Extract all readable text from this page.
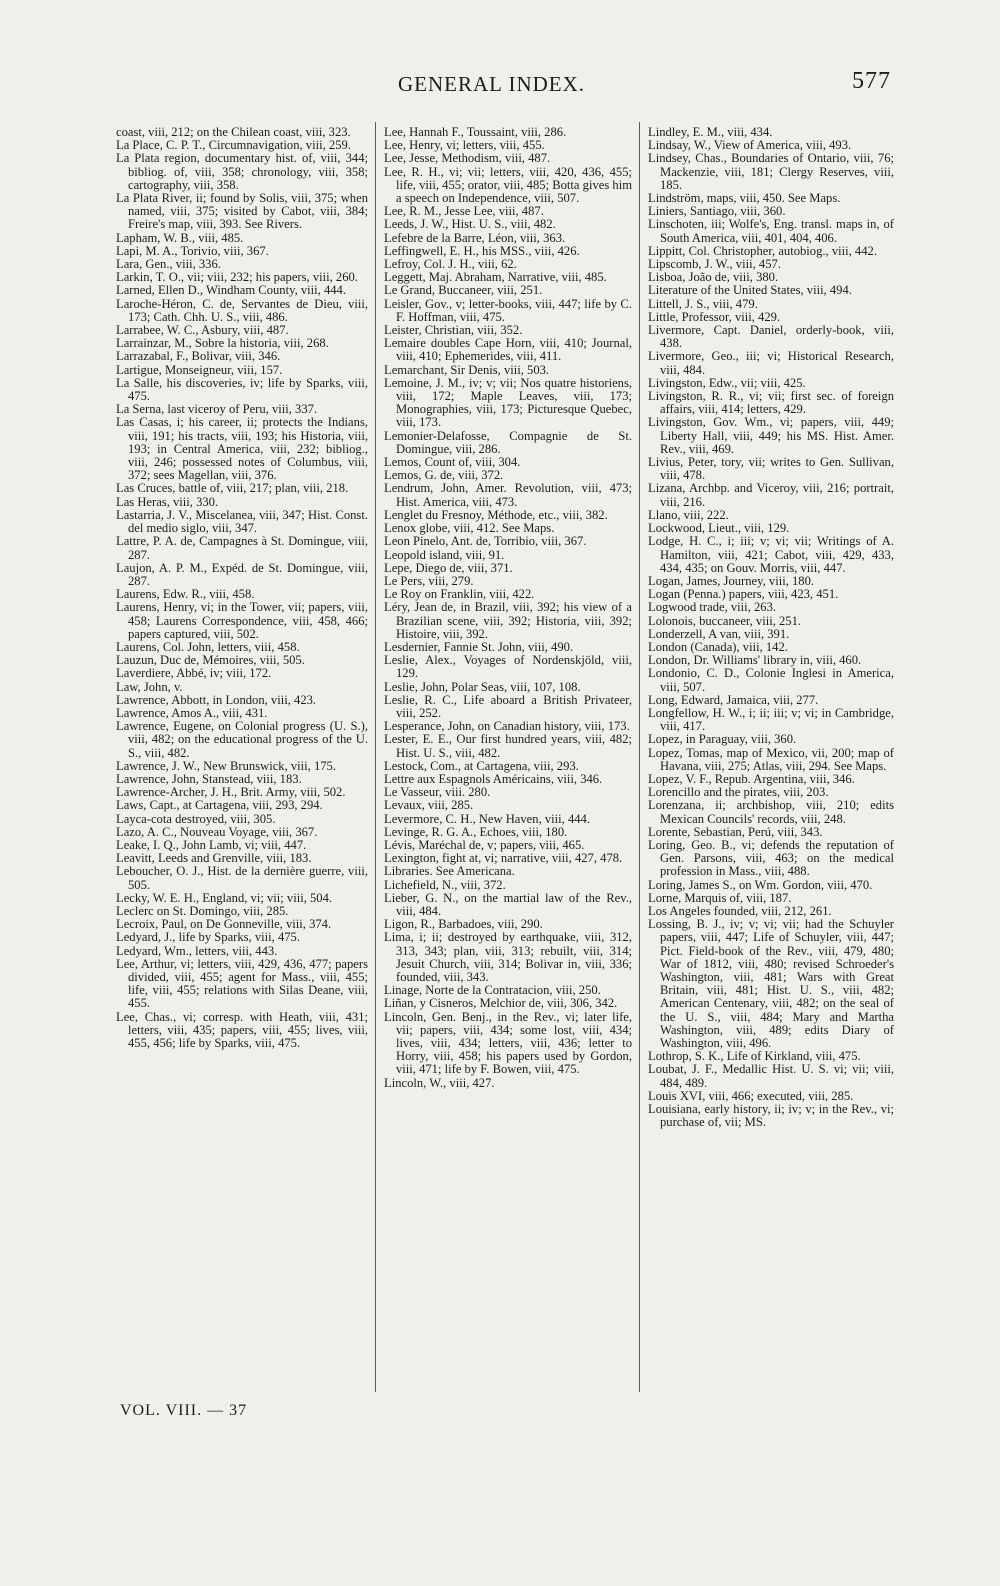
GENERAL INDEX.	577

coast, viii, 212; on the Chilean coast, viii, 323.

La Place, C. P. T., Circumnavigation, viii, 259.

La Plata region, documentary hist. of, viii, 344; bibliog. of, viii, 358; chronology, viii, 358; cartography, viii, 358.

La Plata River, ii; found by Solis, viii, 375; when named, viii, 375; visited by Cabot, viii, 384; Freire's map, viii, 393. See Rivers.

Lapham, W. B., viii, 485.

Lapi, M. A., Torivio, viii, 367.

Lara, Gen., viii, 336.

Larkin, T. O., vii; viii, 232; his papers, viii, 260.

Larned, Ellen D., Windham County, viii, 444.

Laroche-Héron, C. de, Servantes de Dieu, viii, 173; Cath. Chh. U. S., viii, 486.

Larrabee, W. C., Asbury, viii, 487.

Larrainzar, M., Sobre la historia, viii, 268.

Larrazabal, F., Bolivar, viii, 346.

Lartigue, Monseigneur, viii, 157.

La Salle, his discoveries, iv; life by Sparks, viii, 475.

La Serna, last viceroy of Peru, viii, 337.

Las Casas, i; his career, ii; protects the Indians, viii, 191; his tracts, viii, 193; his Historia, viii, 193; in Central America, viii, 232; bibliog., viii, 246; possessed notes of Columbus, viii, 372; sees Magellan, viii, 376.

Las Cruces, battle of, viii, 217; plan, viii, 218.

Las Heras, viii, 330.

Lastarria, J. V., Miscelanea, viii, 347; Hist. Const. del medio siglo, viii, 347.

Lattre, P. A. de, Campagnes à St. Domingue, viii, 287.

Laujon, A. P. M., Expéd. de St. Domingue, viii, 287.

Laurens, Edw. R., viii, 458.

Laurens, Henry, vi; in the Tower, vii; papers, viii, 458; Laurens Correspondence, viii, 458, 466; papers captured, viii, 502.

Laurens, Col. John, letters, viii, 458.

Lauzun, Duc de, Mémoires, viii, 505.

Laverdiere, Abbé, iv; viii, 172.

Law, John, v.

Lawrence, Abbott, in London, viii, 423.

Lawrence, Amos A., viii, 431.

Lawrence, Eugene, on Colonial progress (U. S.), viii, 482; on the educational progress of the U. S., viii, 482.

Lawrence, J. W., New Brunswick, viii, 175.

Lawrence, John, Stanstead, viii, 183.

Lawrence-Archer, J. H., Brit. Army, viii, 502.

Laws, Capt., at Cartagena, viii, 293, 294.

Layca-cota destroyed, viii, 305.

Lazo, A. C., Nouveau Voyage, viii, 367.

Leake, I. Q., John Lamb, vi; viii, 447.

Leavitt, Leeds and Grenville, viii, 183.

Leboucher, O. J., Hist. de la dernière guerre, viii, 505.

Lecky, W. E. H., England, vi; vii; viii, 504.

Leclerc on St. Domingo, viii, 285.

Lecroix, Paul, on De Gonneville, viii, 374.

Ledyard, J., life by Sparks, viii, 475.

Ledyard, Wm., letters, viii, 443.

Lee, Arthur, vi; letters, viii, 429, 436, 477; papers divided, viii, 455; agent for Mass., viii, 455; life, viii, 455; relations with Silas Deane, viii, 455.

Lee, Chas., vi; corresp. with Heath, viii, 431; letters, viii, 435; papers, viii, 455; lives, viii, 455, 456; life by Sparks, viii, 475.

Lee, Hannah F., Toussaint, viii, 286.

Lee, Henry, vi; letters, viii, 455.

Lee, Jesse, Methodism, viii, 487.

Lee, R. H., vi; vii; letters, viii, 420, 436, 455; life, viii, 455; orator, viii, 485; Botta gives him a speech on Independence, viii, 507.

Lee, R. M., Jesse Lee, viii, 487.

Leeds, J. W., Hist. U. S., viii, 482.

Lefebre de la Barre, Léon, viii, 363.

Leffingwell, E. H., his MSS., viii, 426.

Lefroy, Col. J. H., viii, 62.

Leggett, Maj. Abraham, Narrative, viii, 485.

Le Grand, Buccaneer, viii, 251.

Leisler, Gov., v; letter-books, viii, 447; life by C. F. Hoffman, viii, 475.

Leister, Christian, viii, 352.

Lemaire doubles Cape Horn, viii, 410; Journal, viii, 410; Ephemerides, viii, 411.

Lemarchant, Sir Denis, viii, 503.

Lemoine, J. M., iv; v; vii; Nos quatre historiens, viii, 172; Maple Leaves, viii, 173; Monographies, viii, 173; Picturesque Quebec, viii, 173.

Lemonier-Delafosse, Compagnie de St. Domingue, viii, 286.

Lemos, Count of, viii, 304.

Lemos, G. de, viii, 372.

Lendrum, John, Amer. Revolution, viii, 473; Hist. America, viii, 473.

Lenglet du Fresnoy, Méthode, etc., viii, 382.

Lenox globe, viii, 412. See Maps.

Leon Pinelo, Ant. de, Torribio, viii, 367.

Leopold island, viii, 91.

Lepe, Diego de, viii, 371.

Le Pers, viii, 279.

Le Roy on Franklin, viii, 422.

Léry, Jean de, in Brazil, viii, 392; his view of a Brazilian scene, viii, 392; Historia, viii, 392; Histoire, viii, 392.

Lesdernier, Fannie St. John, viii, 490.

Leslie, Alex., Voyages of Nordenskjöld, viii, 129.

Leslie, John, Polar Seas, viii, 107, 108.

Leslie, R. C., Life aboard a British Privateer, viii, 252.

Lesperance, John, on Canadian history, viii, 173.

Lester, E. E., Our first hundred years, viii, 482; Hist. U. S., viii, 482.

Lestock, Com., at Cartagena, viii, 293.

Lettre aux Espagnols Américains, viii, 346.

Le Vasseur, viii. 280.

Levaux, viii, 285.

Levermore, C. H., New Haven, viii, 444.

Levinge, R. G. A., Echoes, viii, 180.

Lévis, Maréchal de, v; papers, viii, 465.

Lexington, fight at, vi; narrative, viii, 427, 478.

Libraries. See Americana.

Lichefield, N., viii, 372.

Lieber, G. N., on the martial law of the Rev., viii, 484.

Ligon, R., Barbadoes, viii, 290.

Lima, i; ii; destroyed by earthquake, viii, 312, 313, 343; plan, viii, 313; rebuilt, viii, 314; Jesuit Church, viii, 314; Bolivar in, viii, 336; founded, viii, 343.

Linage, Norte de la Contratacion, viii, 250.

Liñan, y Cisneros, Melchior de, viii, 306, 342.

Lincoln, Gen. Benj., in the Rev., vi; later life, vii; papers, viii, 434; some lost, viii, 434; lives, viii, 434; letters, viii, 436; letter to Horry, viii, 458; his papers used by Gordon, viii, 471; life by F. Bowen, viii, 475.

Lincoln, W., viii, 427.

Lindley, E. M., viii, 434.

Lindsay, W., View of America, viii, 493.

Lindsey, Chas., Boundaries of Ontario, viii, 76; Mackenzie, viii, 181; Clergy Reserves, viii, 185.

Lindström, maps, viii, 450. See Maps.

Liniers, Santiago, viii, 360.

Linschoten, iii; Wolfe's, Eng. transl. maps in, of South America, viii, 401, 404, 406.

Lippitt, Col. Christopher, autobiog., viii, 442.

Lipscomb, J. W., viii, 457.

Lisboa, João de, viii, 380.

Literature of the United States, viii, 494.

Littell, J. S., viii, 479.

Little, Professor, viii, 429.

Livermore, Capt. Daniel, orderly-book, viii, 438.

Livermore, Geo., iii; vi; Historical Research, viii, 484.

Livingston, Edw., vii; viii, 425.

Livingston, R. R., vi; vii; first sec. of foreign affairs, viii, 414; letters, 429.

Livingston, Gov. Wm., vi; papers, viii, 449; Liberty Hall, viii, 449; his MS. Hist. Amer. Rev., viii, 469.

Livius, Peter, tory, vii; writes to Gen. Sullivan, viii, 478.

Lizana, Archbp. and Viceroy, viii, 216; portrait, viii, 216.

Llano, viii, 222.

Lockwood, Lieut., viii, 129.

Lodge, H. C., i; iii; v; vi; vii; Writings of A. Hamilton, viii, 421; Cabot, viii, 429, 433, 434, 435; on Gouv. Morris, viii, 447.

Logan, James, Journey, viii, 180.

Logan (Penna.) papers, viii, 423, 451.

Logwood trade, viii, 263.

Lolonois, buccaneer, viii, 251.

Londerzell, A van, viii, 391.

London (Canada), viii, 142.

London, Dr. Williams' library in, viii, 460.

Londonio, C. D., Colonie Inglesi in America, viii, 507.

Long, Edward, Jamaica, viii, 277.

Longfellow, H. W., i; ii; iii; v; vi; in Cambridge, viii, 417.

Lopez, in Paraguay, viii, 360.

Lopez, Tomas, map of Mexico, vii, 200; map of Havana, viii, 275; Atlas, viii, 294. See Maps.

Lopez, V. F., Repub. Argentina, viii, 346.

Lorencillo and the pirates, viii, 203.

Lorenzana, ii; archbishop, viii, 210; edits Mexican Councils' records, viii, 248.

Lorente, Sebastian, Perú, viii, 343.

Loring, Geo. B., vi; defends the reputation of Gen. Parsons, viii, 463; on the medical profession in Mass., viii, 488.

Loring, James S., on Wm. Gordon, viii, 470.

Lorne, Marquis of, viii, 187.

Los Angeles founded, viii, 212, 261.

Lossing, B. J., iv; v; vi; vii; had the Schuyler papers, viii, 447; Life of Schuyler, viii, 447; Pict. Field-book of the Rev., viii, 479, 480; War of 1812, viii, 480; revised Schroeder's Washington, viii, 481; Wars with Great Britain, viii, 481; Hist. U. S., viii, 482; American Centenary, viii, 482; on the seal of the U. S., viii, 484; Mary and Martha Washington, viii, 489; edits Diary of Washington, viii, 496.

Lothrop, S. K., Life of Kirkland, viii, 475.

Loubat, J. F., Medallic Hist. U. S. vi; vii; viii, 484, 489.

Louis XVI, viii, 466; executed, viii, 285.

Louisiana, early history, ii; iv; v; in the Rev., vi; purchase of, vii; MS.

VOL. VIII. — 37
